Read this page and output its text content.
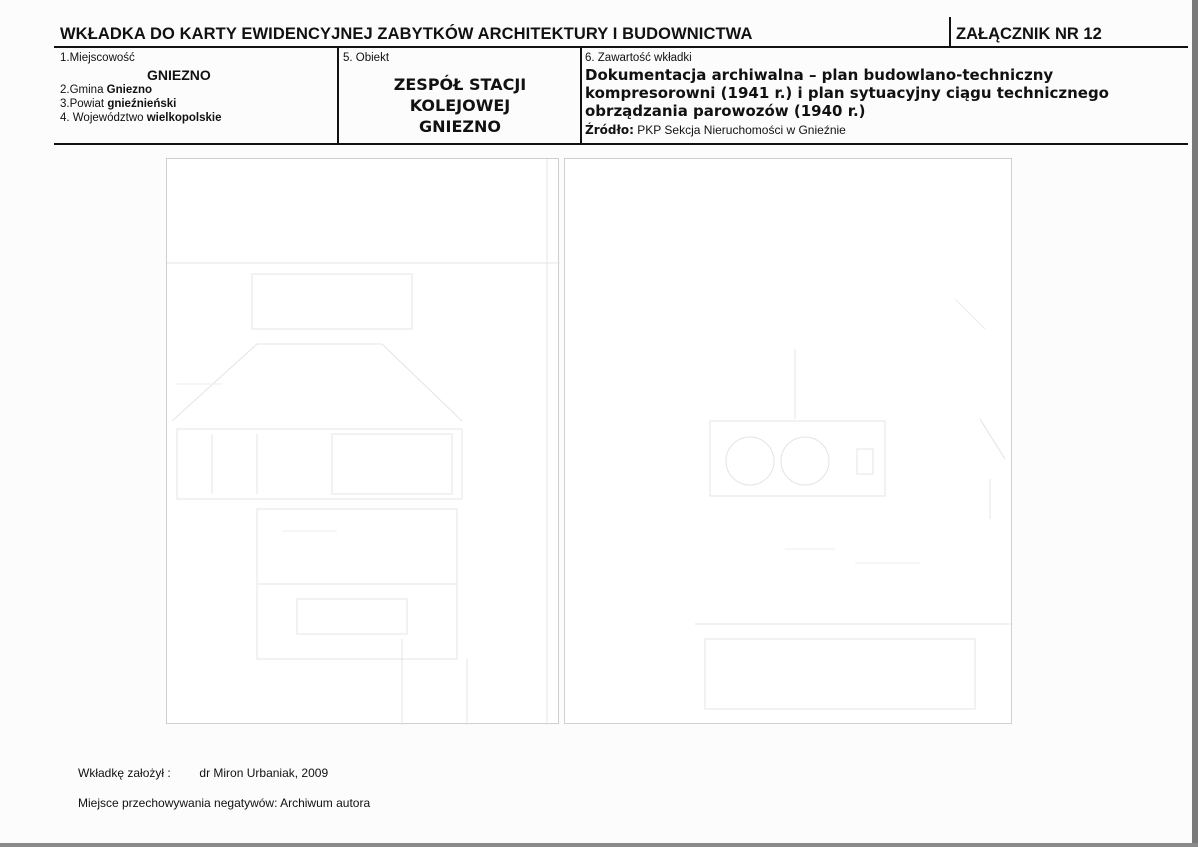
WKŁADKA DO KARTY EWIDENCYJNEJ ZABYTKÓW ARCHITEKTURY I BUDOWNICTWA	ZAŁĄCZNIK NR 12
1.Miejscowość
GNIEZNO
2.Gmina Gniezno
3.Powiat gnieźnieński
4. Województwo wielkopolskie
5. Obiekt
ZESPÓŁ STACJI
KOLEJOWEJ
GNIEZNO
6. Zawartość wkładki
Dokumentacja archiwalna – plan budowlano-techniczny
kompresorowni (1941 r.) i plan sytuacyjny ciągu technicznego
obrządzania parowozów (1940 r.)
Źródło: PKP Sekcja Nieruchomości w Gnieźnie
Wkładkę założył : dr Miron Urbaniak, 2009
Miejsce przechowywania negatywów: Archiwum autora
